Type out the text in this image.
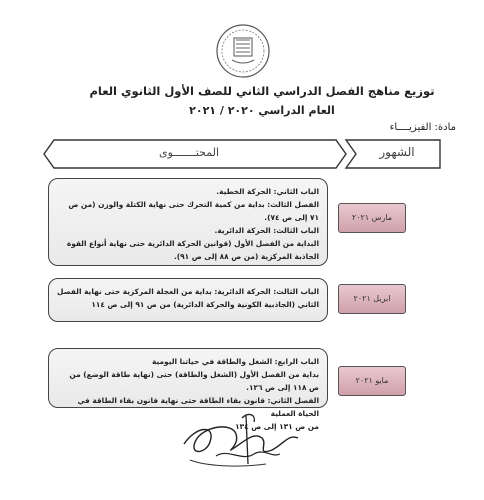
توزيع مناهج الفصل الدراسي الثاني للصف الأول الثانوي العام
العام الدراسي ٢٠٢٠ / ٢٠٢١
مادة: الفيزيــــاء
المحتـــــــوى	الشهور

الباب الثاني: الحركة الخطية.

الفصل الثالث: بداية من كمية التحرك حتى نهاية الكتلة والوزن (من ص ٧١ إلى ص ٧٤).

الباب الثالث: الحركة الدائرية.

البداية من الفصل الأول (قوانين الحركة الدائرية حتى نهاية أنواع القوة الجاذبة المركزية (من ص ٨٨ إلى ص ٩١).

مارس ٢٠٢١

الباب الثالث: الحركة الدائرية: بداية من العجلة المركزية حتى نهاية الفصل الثاني (الجاذبية الكونية والحركة الدائرية) من ص ٩١ إلى ص ١١٤

ابريل ٢٠٢١

الباب الرابع: الشغل والطاقة في حياتنا اليومية

بداية من الفصل الأول (الشغل والطاقة) حتى (نهاية طاقة الوضع) من ص ١١٨ إلى ص ١٢٦.

الفصل الثاني: قانون بقاء الطاقة حتى نهاية قانون بقاء الطاقة في الحياة العملية

من ص ١٣١ إلى ص ١٣٤

مايو ٢٠٢١
